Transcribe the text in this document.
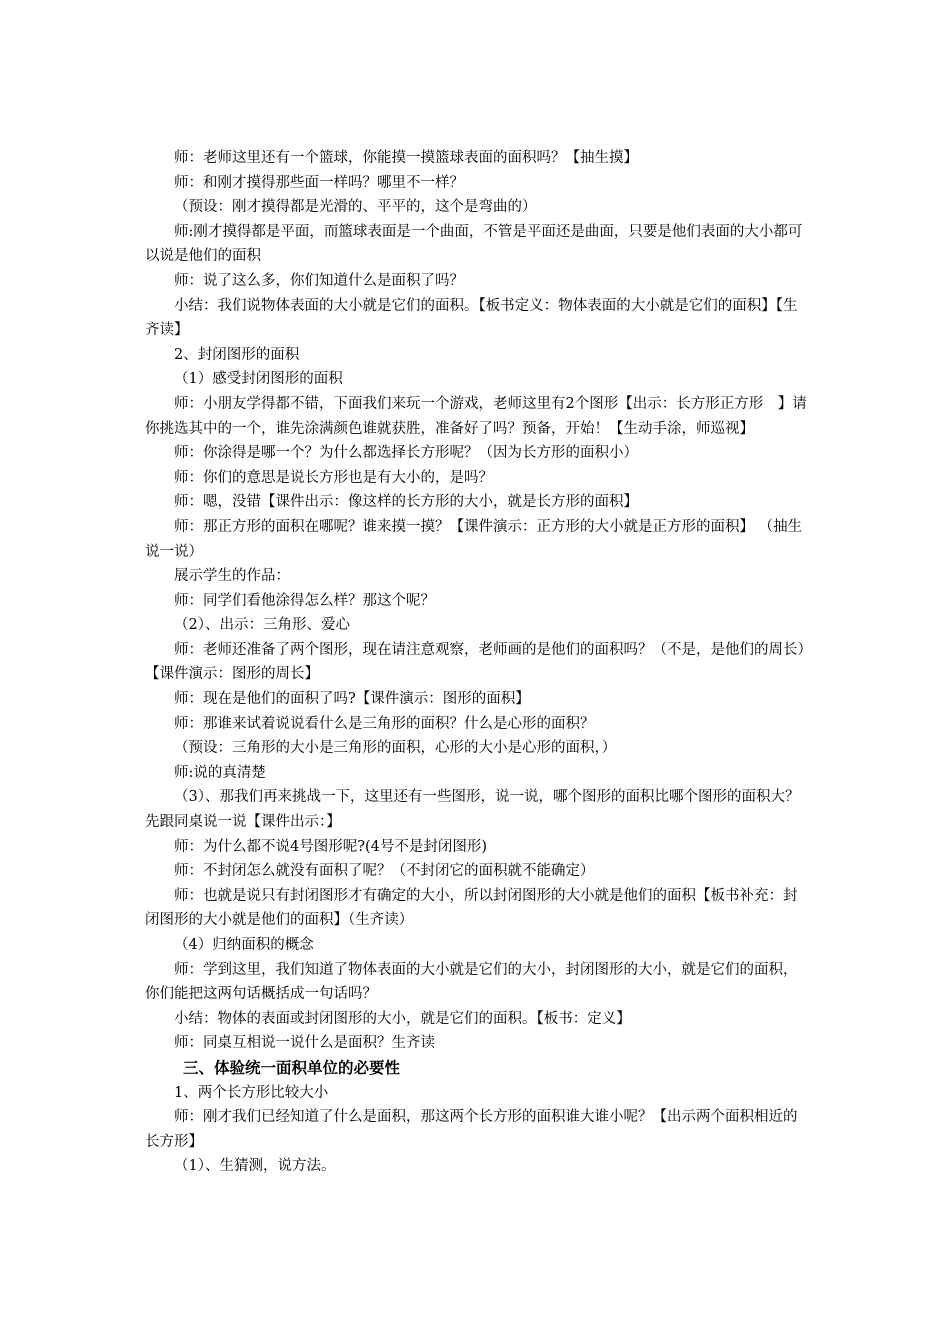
师：老师这里还有一个篮球，你能摸一摸篮球表面的面积吗？【抽生摸】

师：和刚才摸得那些面一样吗？哪里不一样？

（预设：刚才摸得都是光滑的、平平的，这个是弯曲的）

师:刚才摸得都是平面，而篮球表面是一个曲面，不管是平面还是曲面，只要是他们表面的大小都可以说是他们的面积

师：说了这么多，你们知道什么是面积了吗？

小结：我们说物体表面的大小就是它们的面积。【板书定义：物体表面的大小就是它们的面积】【生齐读】

2、封闭图形的面积

（1）感受封闭图形的面积

师：小朋友学得都不错，下面我们来玩一个游戏，老师这里有2个图形【出示：长方形正方形　】请你挑选其中的一个，谁先涂满颜色谁就获胜，准备好了吗？预备，开始！【生动手涂，师巡视】

师：你涂得是哪一个？为什么都选择长方形呢？（因为长方形的面积小）

师：你们的意思是说长方形也是有大小的，是吗？

师：嗯，没错【课件出示：像这样的长方形的大小，就是长方形的面积】

师：那正方形的面积在哪呢？谁来摸一摸？【课件演示：正方形的大小就是正方形的面积】 （抽生说一说）

展示学生的作品：

师：同学们看他涂得怎么样？那这个呢？

（2）、出示：三角形、爱心

师：老师还准备了两个图形，现在请注意观察，老师画的是他们的面积吗？（不是，是他们的周长）【课件演示：图形的周长】

师：现在是他们的面积了吗?【课件演示：图形的面积】

师：那谁来试着说说看什么是三角形的面积？什么是心形的面积？

（预设：三角形的大小是三角形的面积，心形的大小是心形的面积，）

师:说的真清楚

（3）、那我们再来挑战一下，这里还有一些图形，说一说，哪个图形的面积比哪个图形的面积大？先跟同桌说一说【课件出示：】

师：为什么都不说4号图形呢?(4号不是封闭图形)

师：不封闭怎么就没有面积了呢？（不封闭它的面积就不能确定）

师：也就是说只有封闭图形才有确定的大小，所以封闭图形的大小就是他们的面积【板书补充：封闭图形的大小就是他们的面积】（生齐读）

（4）归纳面积的概念

师：学到这里，我们知道了物体表面的大小就是它们的大小，封闭图形的大小，就是它们的面积，你们能把这两句话概括成一句话吗？

小结：物体的表面或封闭图形的大小，就是它们的面积。【板书：定义】

师：同桌互相说一说什么是面积？生齐读

三、体验统一面积单位的必要性

1、两个长方形比较大小

师：刚才我们已经知道了什么是面积，那这两个长方形的面积谁大谁小呢？【出示两个面积相近的长方形】

（1）、生猜测，说方法。
